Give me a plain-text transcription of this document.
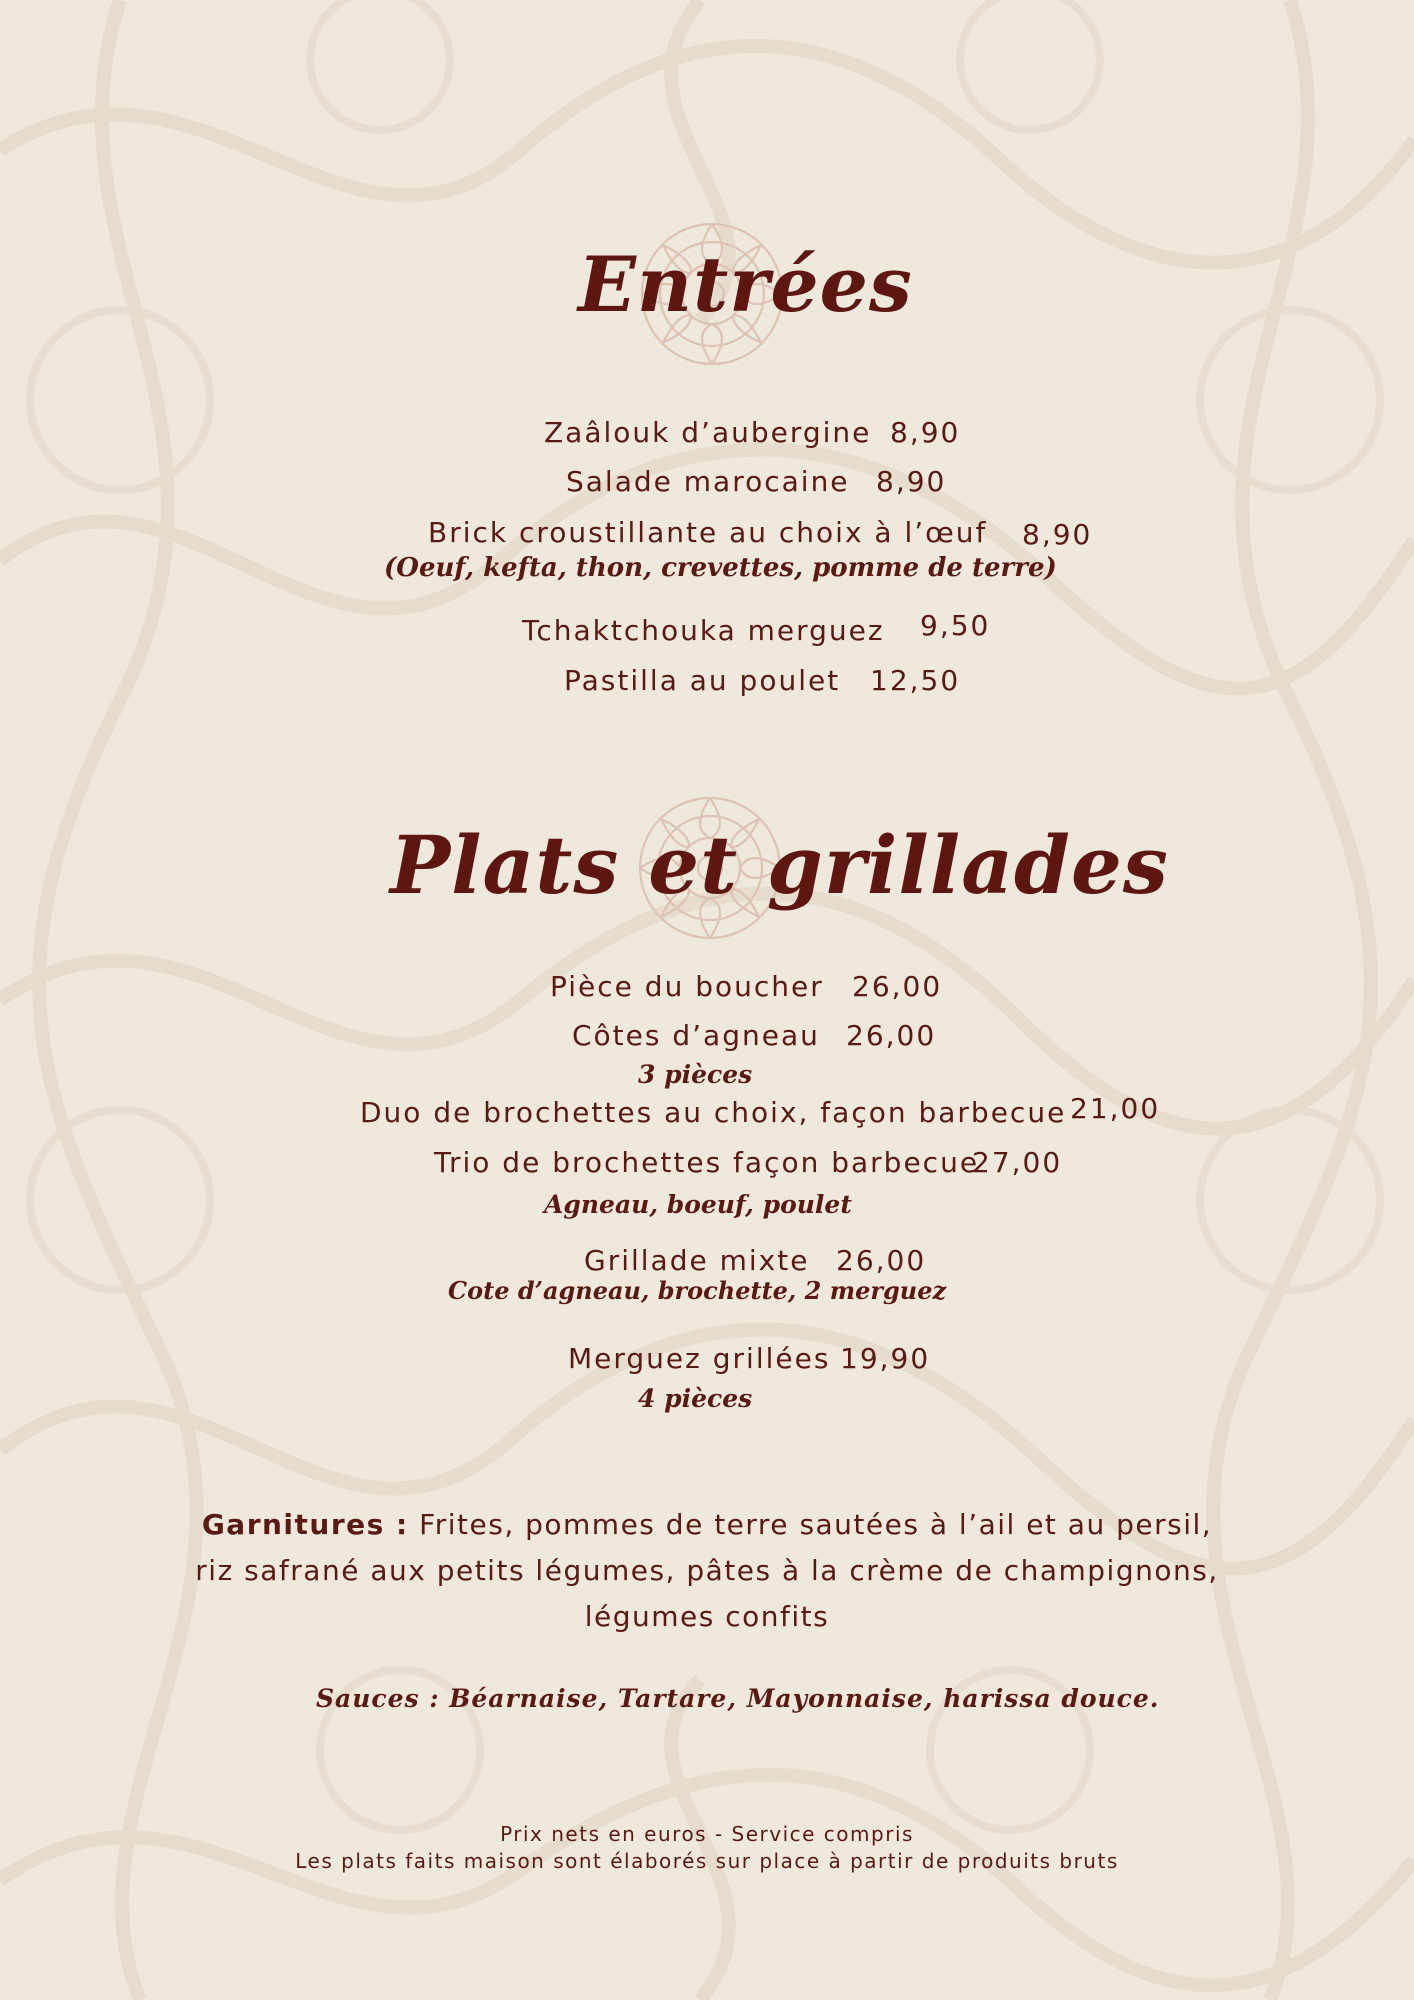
Entrées
Zaâlouk d’aubergine 8,90
Salade marocaine 8,90
Brick croustillante au choix à l’œuf 8,90
(Oeuf, kefta, thon, crevettes, pomme de terre)
Tchaktchouka merguez 9,50
Pastilla au poulet 12,50
Plats et grillades
Pièce du boucher 26,00
Côtes d’agneau 26,00
3 pièces
Duo de brochettes au choix, façon barbecue 21,00
Trio de brochettes façon barbecue
27,00
Agneau, boeuf, poulet
Grillade mixte 26,00
Cote d’agneau, brochette, 2 merguez
Merguez grillées 19,90
4 pièces
Garnitures : Frites, pommes de terre sautées à l’ail et au persil, riz safrané aux petits légumes, pâtes à la crème de champignons, légumes confits
Sauces : Béarnaise, Tartare, Mayonnaise, harissa douce.
Prix nets en euros - Service compris
Les plats faits maison sont élaborés sur place à partir de produits bruts
